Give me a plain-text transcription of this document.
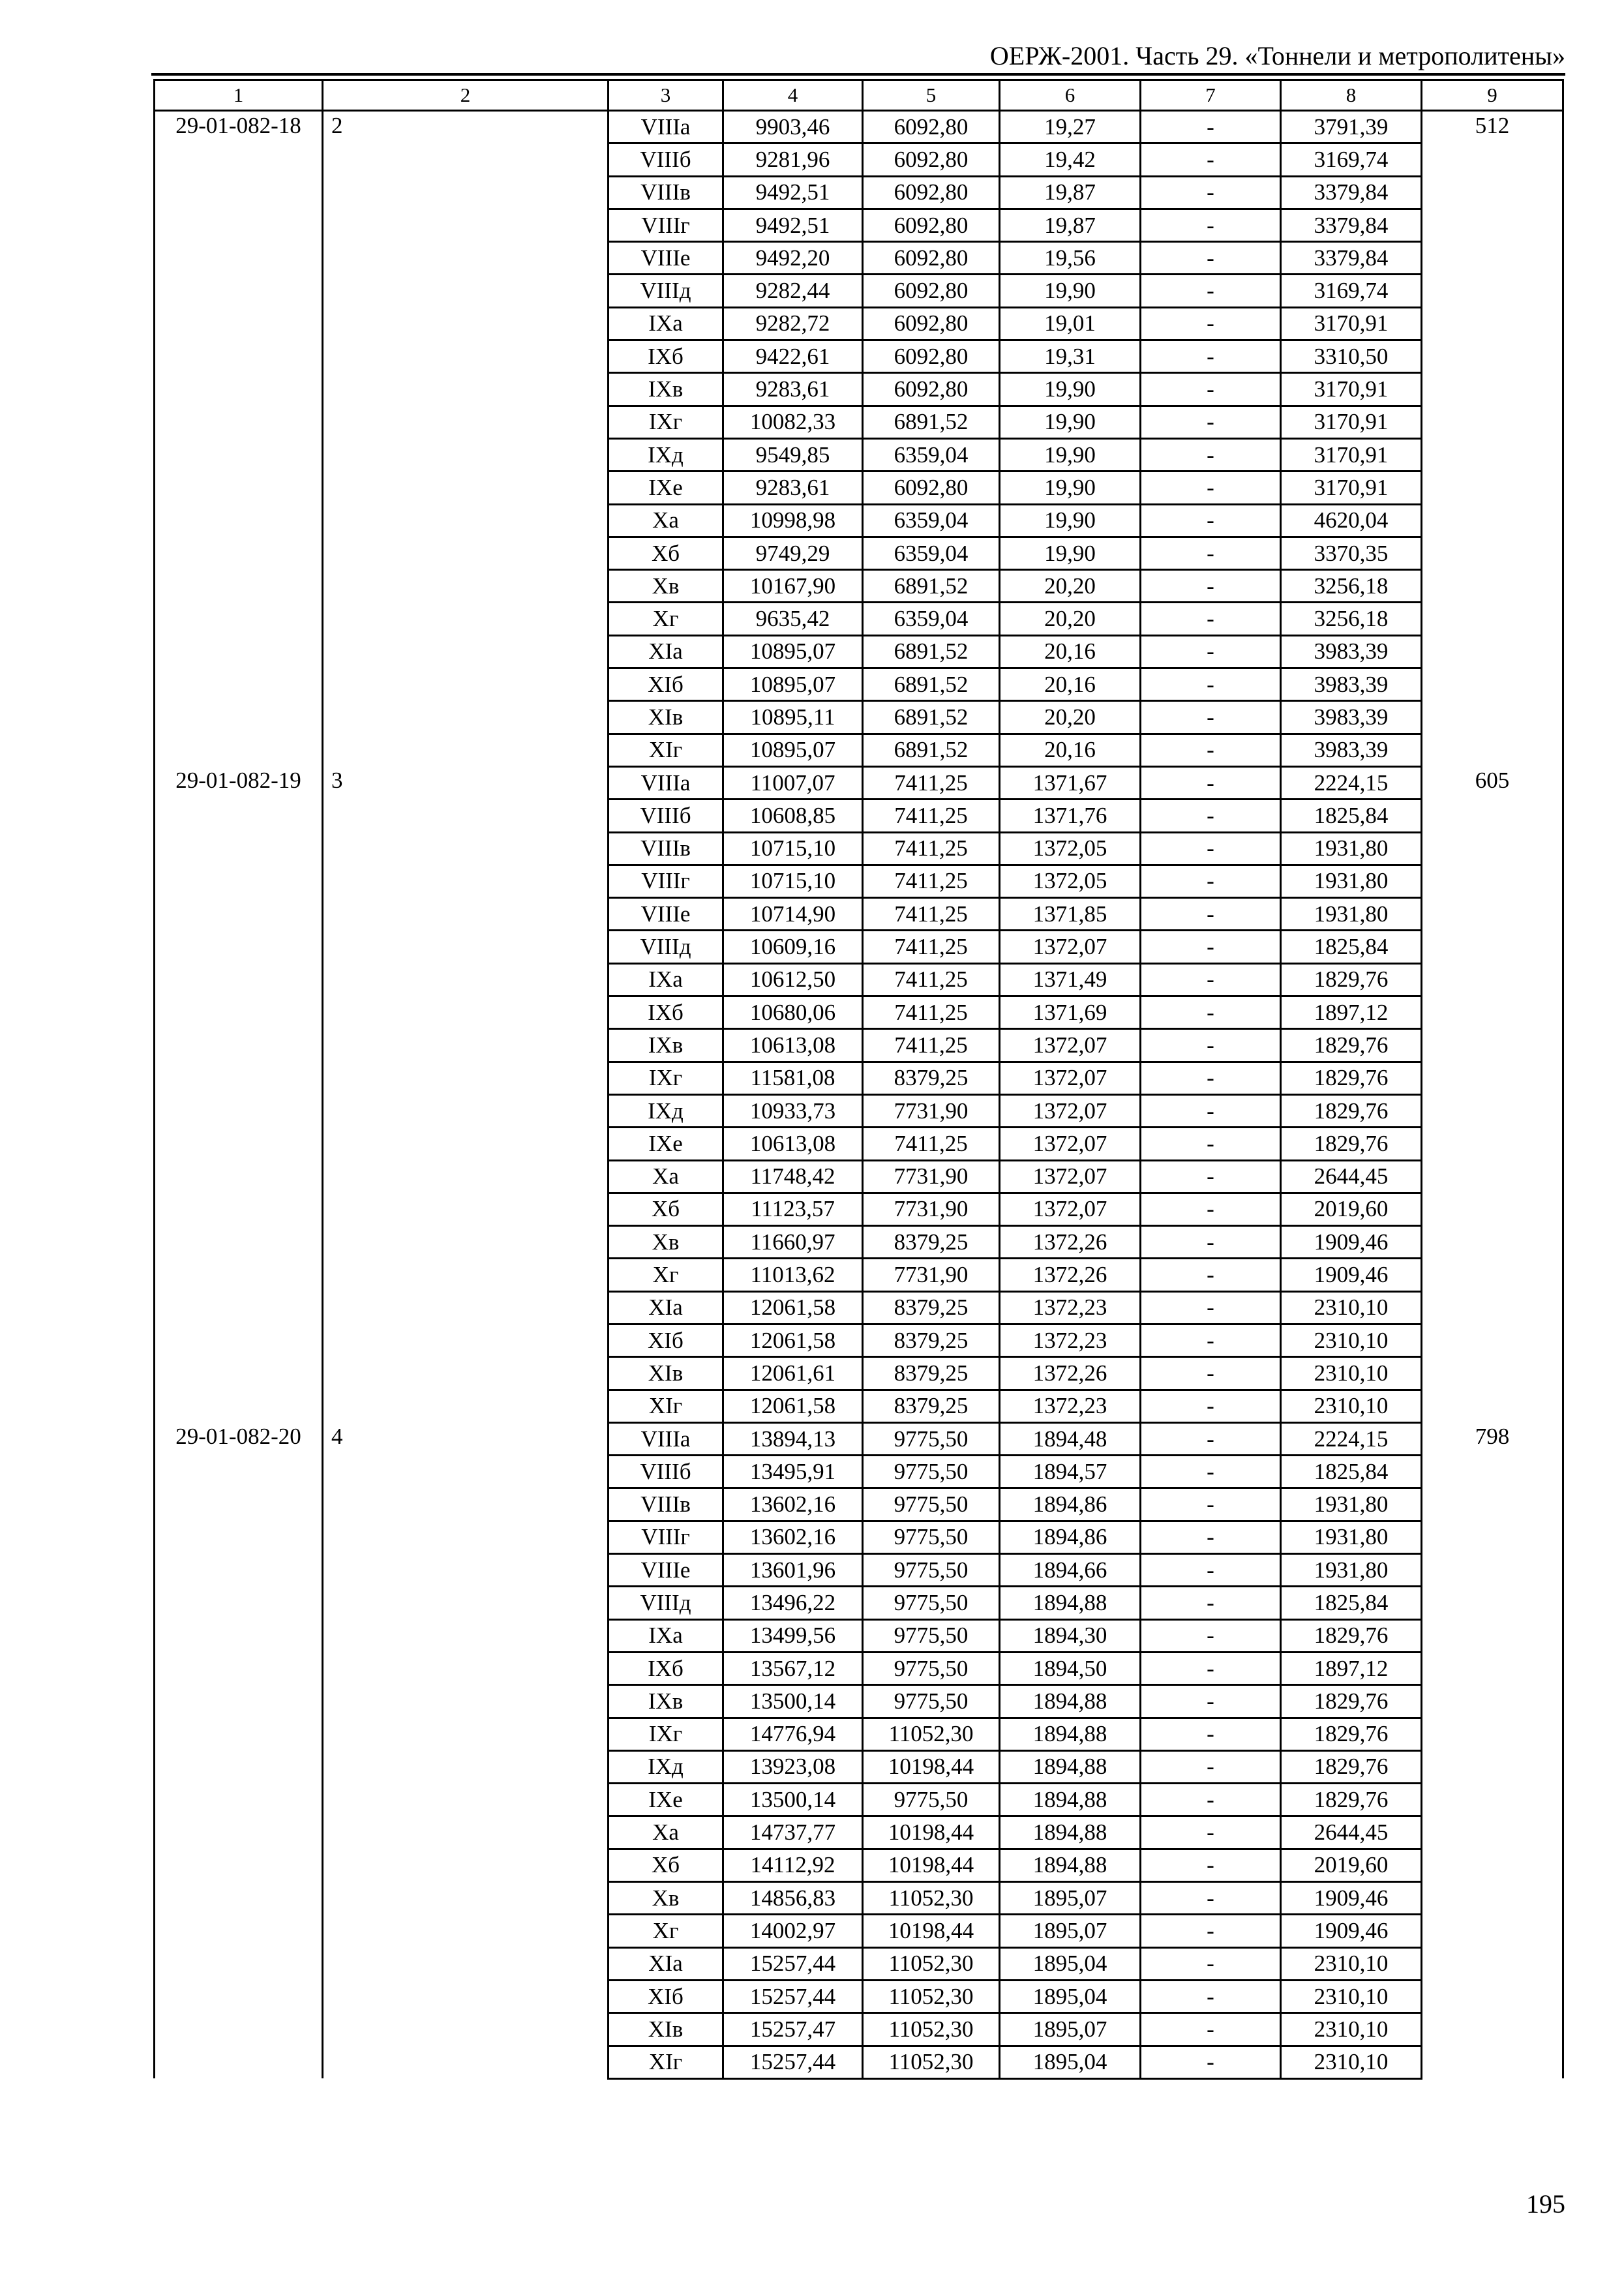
ОЕРЖ-2001. Часть 29. «Тоннели и метрополитены»
1	2	3	4	5	6	7	8	9
29-01-082-18	2	VIIIа	9903,46	6092,80	19,27	-	3791,39	512
		VIIIб	9281,96	6092,80	19,42	-	3169,74	
		VIIIв	9492,51	6092,80	19,87	-	3379,84	
		VIIIг	9492,51	6092,80	19,87	-	3379,84	
		VIIIе	9492,20	6092,80	19,56	-	3379,84	
		VIIIд	9282,44	6092,80	19,90	-	3169,74	
		IХа	9282,72	6092,80	19,01	-	3170,91	
		IХб	9422,61	6092,80	19,31	-	3310,50	
		IХв	9283,61	6092,80	19,90	-	3170,91	
		IХг	10082,33	6891,52	19,90	-	3170,91	
		IХд	9549,85	6359,04	19,90	-	3170,91	
		IХе	9283,61	6092,80	19,90	-	3170,91	
		Ха	10998,98	6359,04	19,90	-	4620,04	
		Хб	9749,29	6359,04	19,90	-	3370,35	
		Хв	10167,90	6891,52	20,20	-	3256,18	
		Хг	9635,42	6359,04	20,20	-	3256,18	
		ХIа	10895,07	6891,52	20,16	-	3983,39	
		ХIб	10895,07	6891,52	20,16	-	3983,39	
		ХIв	10895,11	6891,52	20,20	-	3983,39	
		ХIг	10895,07	6891,52	20,16	-	3983,39	
29-01-082-19	3	VIIIа	11007,07	7411,25	1371,67	-	2224,15	605
		VIIIб	10608,85	7411,25	1371,76	-	1825,84	
		VIIIв	10715,10	7411,25	1372,05	-	1931,80	
		VIIIг	10715,10	7411,25	1372,05	-	1931,80	
		VIIIе	10714,90	7411,25	1371,85	-	1931,80	
		VIIIд	10609,16	7411,25	1372,07	-	1825,84	
		IХа	10612,50	7411,25	1371,49	-	1829,76	
		IХб	10680,06	7411,25	1371,69	-	1897,12	
		IХв	10613,08	7411,25	1372,07	-	1829,76	
		IХг	11581,08	8379,25	1372,07	-	1829,76	
		IХд	10933,73	7731,90	1372,07	-	1829,76	
		IХе	10613,08	7411,25	1372,07	-	1829,76	
		Ха	11748,42	7731,90	1372,07	-	2644,45	
		Хб	11123,57	7731,90	1372,07	-	2019,60	
		Хв	11660,97	8379,25	1372,26	-	1909,46	
		Хг	11013,62	7731,90	1372,26	-	1909,46	
		ХIа	12061,58	8379,25	1372,23	-	2310,10	
		ХIб	12061,58	8379,25	1372,23	-	2310,10	
		ХIв	12061,61	8379,25	1372,26	-	2310,10	
		ХIг	12061,58	8379,25	1372,23	-	2310,10	
29-01-082-20	4	VIIIа	13894,13	9775,50	1894,48	-	2224,15	798
		VIIIб	13495,91	9775,50	1894,57	-	1825,84	
		VIIIв	13602,16	9775,50	1894,86	-	1931,80	
		VIIIг	13602,16	9775,50	1894,86	-	1931,80	
		VIIIе	13601,96	9775,50	1894,66	-	1931,80	
		VIIIд	13496,22	9775,50	1894,88	-	1825,84	
		IХа	13499,56	9775,50	1894,30	-	1829,76	
		IХб	13567,12	9775,50	1894,50	-	1897,12	
		IХв	13500,14	9775,50	1894,88	-	1829,76	
		IХг	14776,94	11052,30	1894,88	-	1829,76	
		IХд	13923,08	10198,44	1894,88	-	1829,76	
		IХе	13500,14	9775,50	1894,88	-	1829,76	
		Ха	14737,77	10198,44	1894,88	-	2644,45	
		Хб	14112,92	10198,44	1894,88	-	2019,60	
		Хв	14856,83	11052,30	1895,07	-	1909,46	
		Хг	14002,97	10198,44	1895,07	-	1909,46	
		ХIа	15257,44	11052,30	1895,04	-	2310,10	
		ХIб	15257,44	11052,30	1895,04	-	2310,10	
		ХIв	15257,47	11052,30	1895,07	-	2310,10	
		ХIг	15257,44	11052,30	1895,04	-	2310,10	
195
